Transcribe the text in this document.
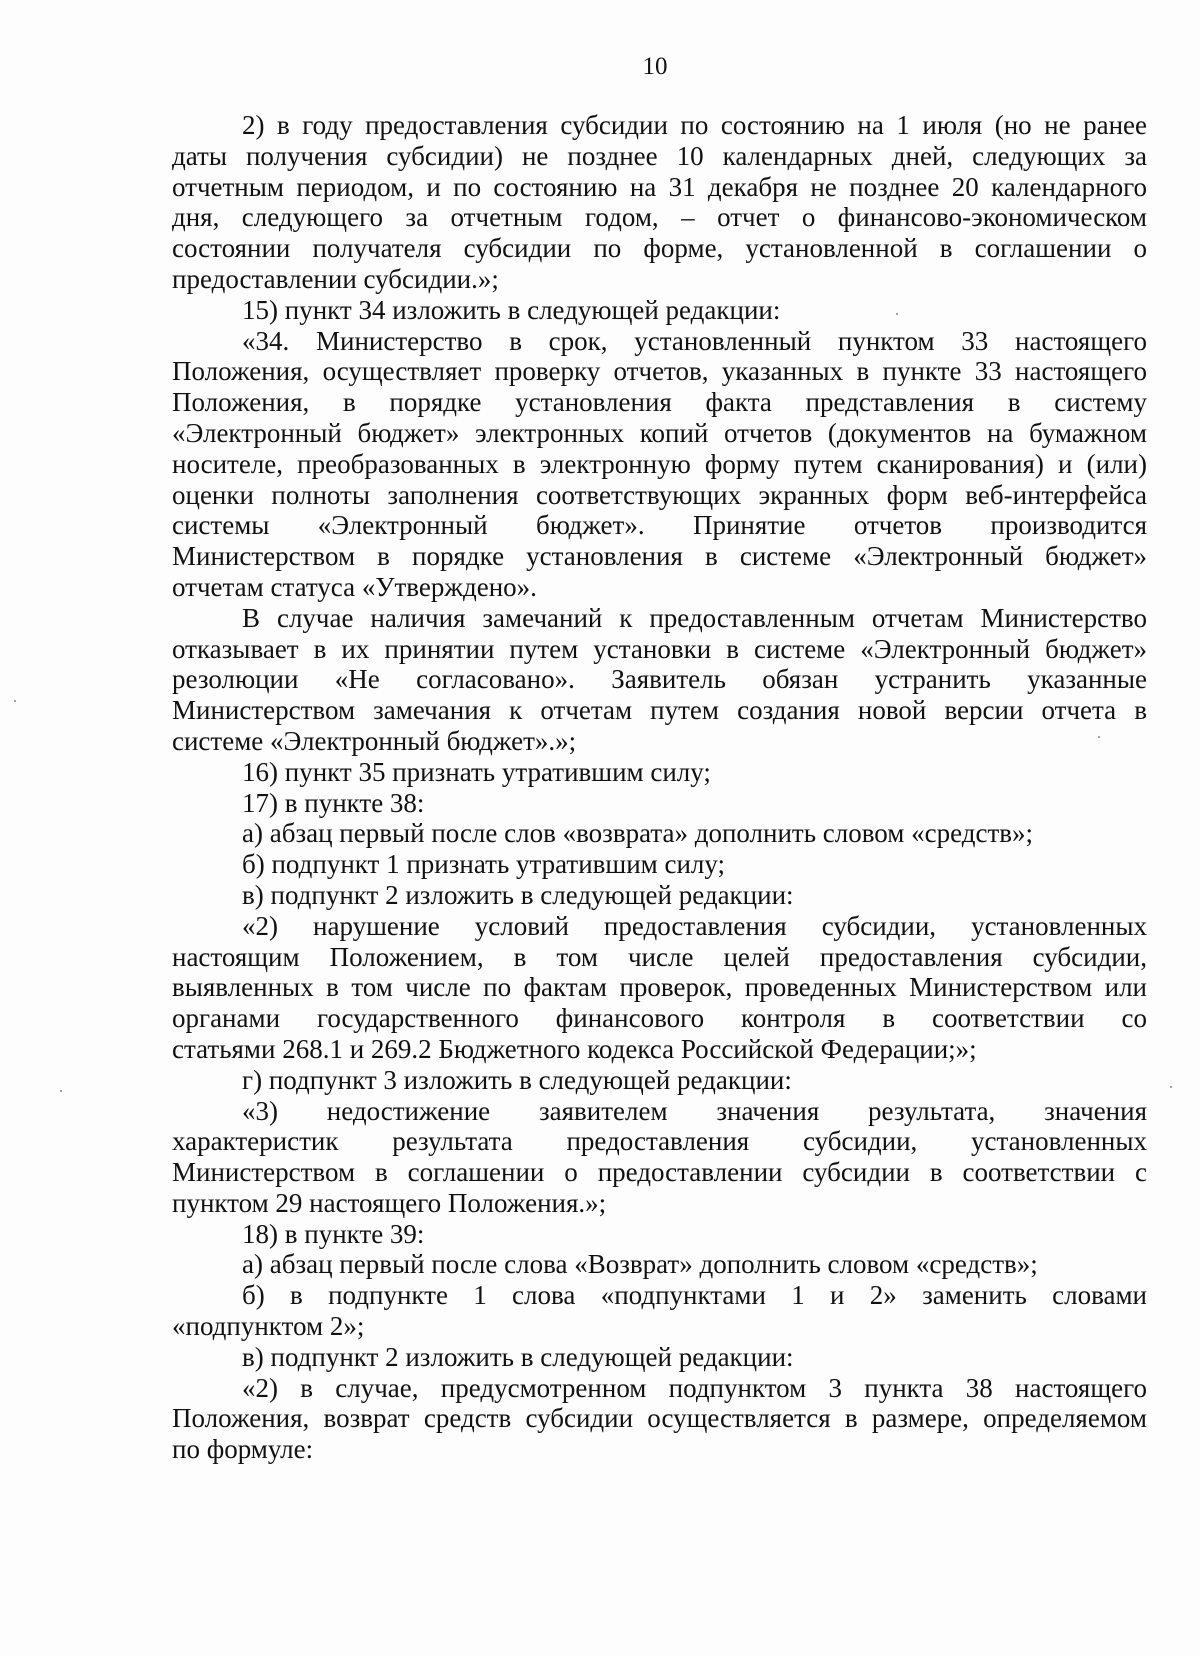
10
2) в году предоставления субсидии по состоянию на 1 июля (но не ранее
даты получения субсидии) не позднее 10 календарных дней, следующих за
отчетным периодом, и по состоянию на 31 декабря не позднее 20 календарного
дня, следующего за отчетным годом, – отчет о финансово-экономическом
состоянии получателя субсидии по форме, установленной в соглашении о
предоставлении субсидии.»;
15) пункт 34 изложить в следующей редакции:
«34. Министерство в срок, установленный пунктом 33 настоящего
Положения, осуществляет проверку отчетов, указанных в пункте 33 настоящего
Положения, в порядке установления факта представления в систему
«Электронный бюджет» электронных копий отчетов (документов на бумажном
носителе, преобразованных в электронную форму путем сканирования) и (или)
оценки полноты заполнения соответствующих экранных форм веб-интерфейса
системы «Электронный бюджет». Принятие отчетов производится
Министерством в порядке установления в системе «Электронный бюджет»
отчетам статуса «Утверждено».
В случае наличия замечаний к предоставленным отчетам Министерство
отказывает в их принятии путем установки в системе «Электронный бюджет»
резолюции «Не согласовано». Заявитель обязан устранить указанные
Министерством замечания к отчетам путем создания новой версии отчета в
системе «Электронный бюджет».»;
16) пункт 35 признать утратившим силу;
17) в пункте 38:
а) абзац первый после слов «возврата» дополнить словом «средств»;
б) подпункт 1 признать утратившим силу;
в) подпункт 2 изложить в следующей редакции:
«2) нарушение условий предоставления субсидии, установленных
настоящим Положением, в том числе целей предоставления субсидии,
выявленных в том числе по фактам проверок, проведенных Министерством или
органами государственного финансового контроля в соответствии со
статьями 268.1 и 269.2 Бюджетного кодекса Российской Федерации;»;
г) подпункт 3 изложить в следующей редакции:
«3) недостижение заявителем значения результата, значения
характеристик результата предоставления субсидии, установленных
Министерством в соглашении о предоставлении субсидии в соответствии с
пунктом 29 настоящего Положения.»;
18) в пункте 39:
а) абзац первый после слова «Возврат» дополнить словом «средств»;
б) в подпункте 1 слова «подпунктами 1 и 2» заменить словами
«подпунктом 2»;
в) подпункт 2 изложить в следующей редакции:
«2) в случае, предусмотренном подпунктом 3 пункта 38 настоящего
Положения, возврат средств субсидии осуществляется в размере, определяемом
по формуле:
